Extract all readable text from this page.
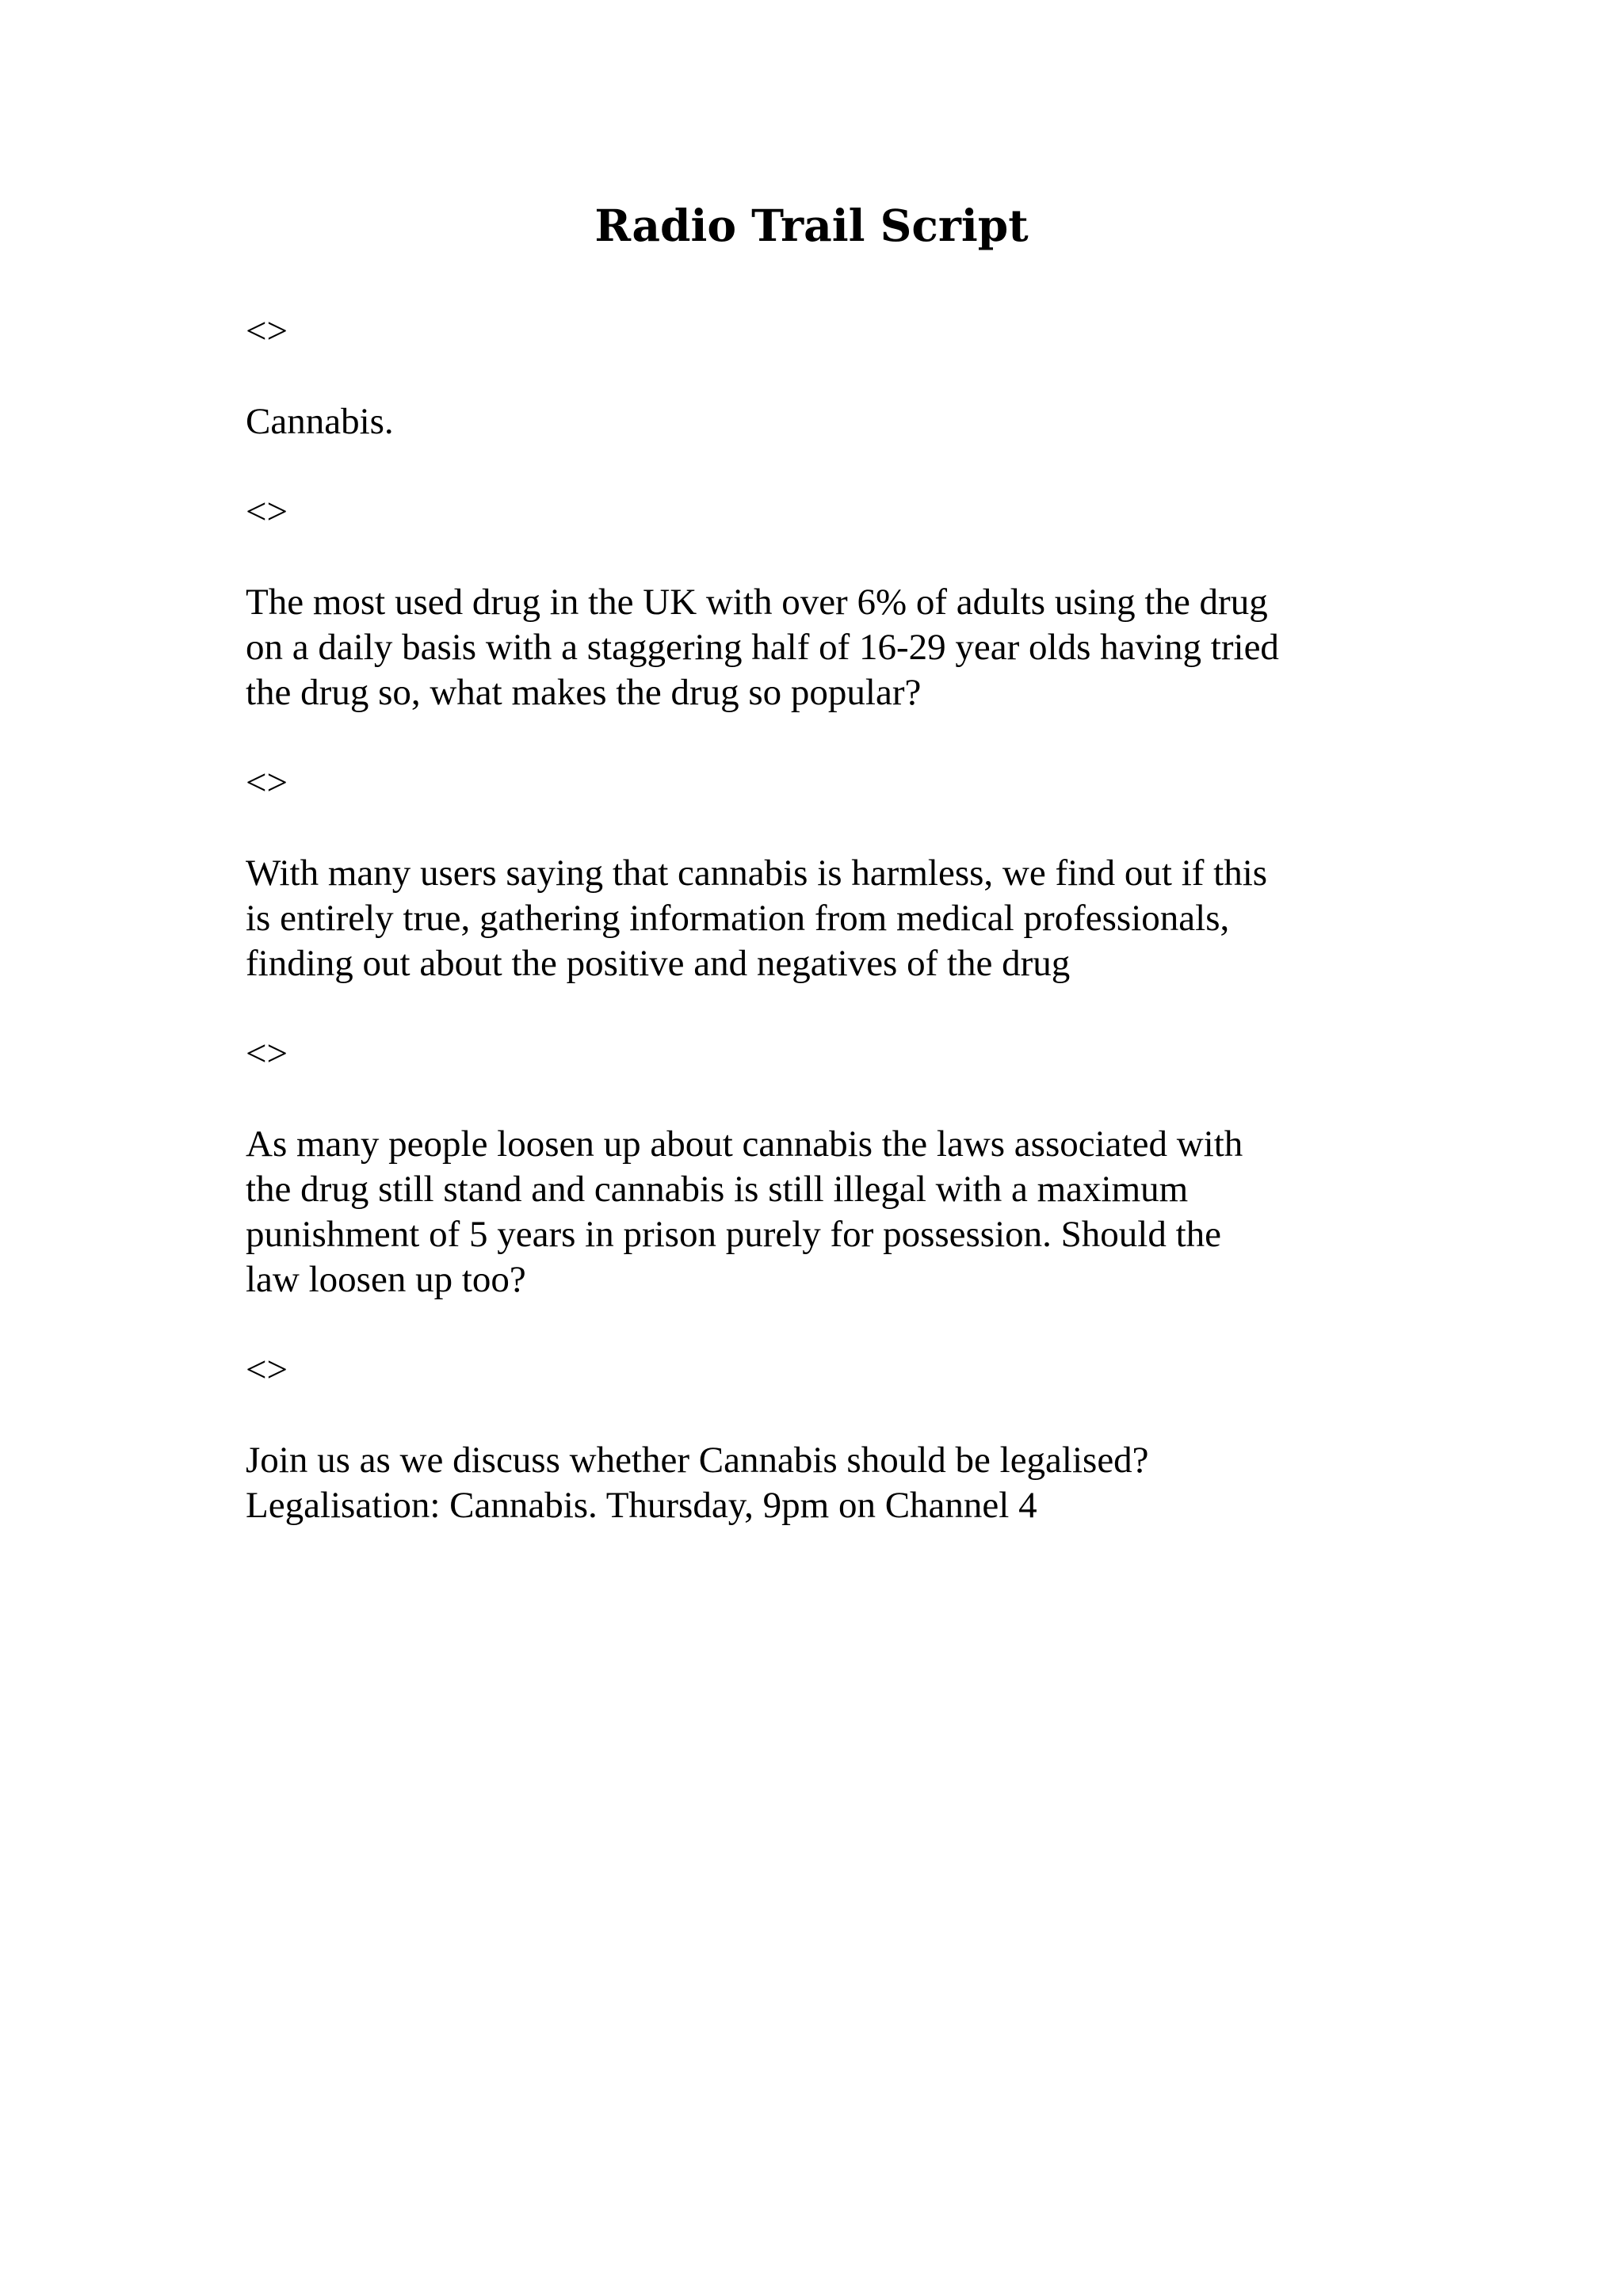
Radio Trail Script
<>
Cannabis.
<>
The most used drug in the UK with over 6% of adults using the drug
on a daily basis with a staggering half of 16-29 year olds having tried
the drug so, what makes the drug so popular?
<>
With many users saying that cannabis is harmless, we find out if this
is entirely true, gathering information from medical professionals,
finding out about the positive and negatives of the drug
<>
As many people loosen up about cannabis the laws associated with
the drug still stand and cannabis is still illegal with a maximum
punishment of 5 years in prison purely for possession. Should the
law loosen up too?
<>
Join us as we discuss whether Cannabis should be legalised?
Legalisation: Cannabis. Thursday, 9pm on Channel 4
